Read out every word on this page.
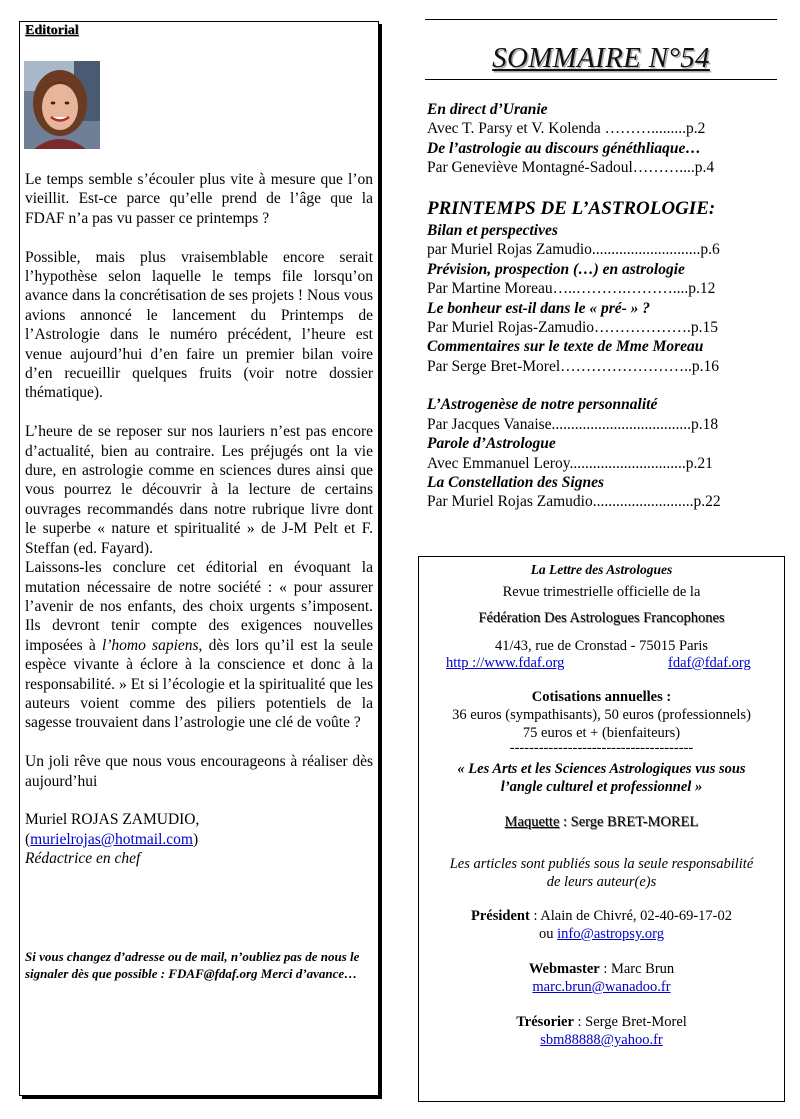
Editorial

Le temps semble s’écouler plus vite à mesure que l’on vieillit. Est-ce parce qu’elle prend de l’âge que la FDAF n’a pas vu passer ce printemps ?

Possible, mais plus vraisemblable encore serait l’hypothèse selon laquelle le temps file lorsqu’on avance dans la concrétisation de ses projets ! Nous vous avions annoncé le lancement du Printemps de l’Astrologie dans le numéro précédent, l’heure est venue aujourd’hui d’en faire un premier bilan voire d’en recueillir quelques fruits (voir notre dossier thématique).

L’heure de se reposer sur nos lauriers n’est pas encore d’actualité, bien au contraire. Les préjugés ont la vie dure, en astrologie comme en sciences dures ainsi que vous pourrez le découvrir à la lecture de certains ouvrages recommandés dans notre rubrique livre dont le superbe « nature et spiritualité » de J-M Pelt et F. Steffan (ed. Fayard).

Laissons-les conclure cet éditorial en évoquant la mutation nécessaire de notre société : « pour assurer l’avenir de nos enfants, des choix urgents s’imposent. Ils devront tenir compte des exigences nouvelles imposées à l’homo sapiens, dès lors qu’il est la seule espèce vivante à éclore à la conscience et donc à la responsabilité. » Et si l’écologie et la spiritualité que les auteurs voient comme des piliers potentiels de la sagesse trouvaient dans l’astrologie une clé de voûte ?

Un joli rêve que nous vous encourageons à réaliser dès aujourd’hui

Muriel ROJAS ZAMUDIO,
(murielrojas@hotmail.com)
Rédactrice en chef

Si vous changez d’adresse ou de mail, n’oubliez pas de nous le signaler dès que possible : FDAF@fdaf.org Merci d’avance…
SOMMAIRE N°54
En direct d’Uranie
Avec T. Parsy et V. Kolenda ……….........p.2
De l’astrologie au discours généthliaque…
Par Geneviève Montagné-Sadoul………....p.4
PRINTEMPS DE L’ASTROLOGIE:
Bilan et perspectives
par Muriel Rojas Zamudio............................p.6
Prévision, prospection (…) en astrologie
Par Martine Moreau…..……….………....p.12
Le bonheur est-il dans le « pré- » ?
Par Muriel Rojas-Zamudio……………….p.15
Commentaires sur le texte de Mme Moreau
Par Serge Bret-Morel……………………..p.16
L’Astrogenèse de notre personnalité
Par Jacques Vanaise....................................p.18
Parole d’Astrologue
Avec Emmanuel Leroy..............................p.21
La Constellation des Signes
Par Muriel Rojas Zamudio..........................p.22
La Lettre des Astrologues
Revue trimestrielle officielle de la
Fédération Des Astrologues Francophones
41/43, rue de Cronstad - 75015 Paris
http ://www.fdaf.org	fdaf@fdaf.org
Cotisations annuelles :
36 euros (sympathisants), 50 euros (professionnels)
75 euros et + (bienfaiteurs)
--------------------------------------
« Les Arts et les Sciences Astrologiques vus sous
l’angle culturel et professionnel »
Maquette : Serge BRET-MOREL
Les articles sont publiés sous la seule responsabilité
de leurs auteur(e)s
Président : Alain de Chivré, 02-40-69-17-02
ou info@astropsy.org
Webmaster : Marc Brun
marc.brun@wanadoo.fr
Trésorier : Serge Bret-Morel
sbm88888@yahoo.fr
